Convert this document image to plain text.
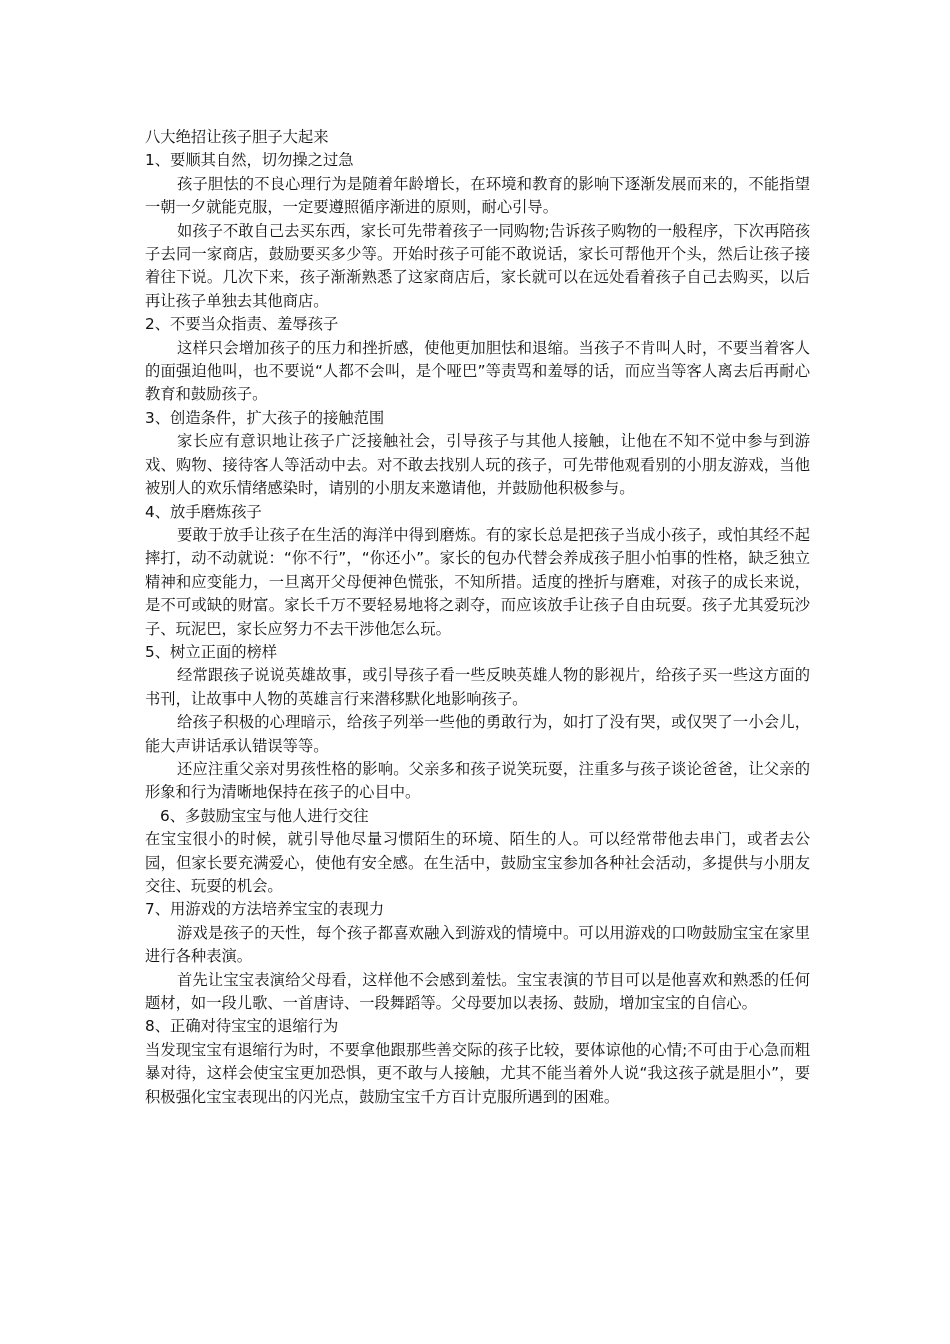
八大绝招让孩子胆子大起来

1、要顺其自然，切勿操之过急

孩子胆怯的不良心理行为是随着年龄增长，在环境和教育的影响下逐渐发展而来的，不能指望一朝一夕就能克服，一定要遵照循序渐进的原则，耐心引导。

如孩子不敢自己去买东西，家长可先带着孩子一同购物;告诉孩子购物的一般程序，下次再陪孩子去同一家商店，鼓励要买多少等。开始时孩子可能不敢说话，家长可帮他开个头，然后让孩子接着往下说。几次下来，孩子渐渐熟悉了这家商店后，家长就可以在远处看着孩子自己去购买，以后再让孩子单独去其他商店。

2、不要当众指责、羞辱孩子

这样只会增加孩子的压力和挫折感，使他更加胆怯和退缩。当孩子不肯叫人时，不要当着客人的面强迫他叫，也不要说“人都不会叫，是个哑巴”等责骂和羞辱的话，而应当等客人离去后再耐心教育和鼓励孩子。

3、创造条件，扩大孩子的接触范围

家长应有意识地让孩子广泛接触社会，引导孩子与其他人接触，让他在不知不觉中参与到游戏、购物、接待客人等活动中去。对不敢去找别人玩的孩子，可先带他观看别的小朋友游戏，当他被别人的欢乐情绪感染时，请别的小朋友来邀请他，并鼓励他积极参与。

4、放手磨炼孩子

要敢于放手让孩子在生活的海洋中得到磨炼。有的家长总是把孩子当成小孩子，或怕其经不起摔打，动不动就说：“你不行”，“你还小”。家长的包办代替会养成孩子胆小怕事的性格，缺乏独立精神和应变能力，一旦离开父母便神色慌张，不知所措。适度的挫折与磨难，对孩子的成长来说，是不可或缺的财富。家长千万不要轻易地将之剥夺，而应该放手让孩子自由玩耍。孩子尤其爱玩沙子、玩泥巴，家长应努力不去干涉他怎么玩。

5、树立正面的榜样

经常跟孩子说说英雄故事，或引导孩子看一些反映英雄人物的影视片，给孩子买一些这方面的书刊，让故事中人物的英雄言行来潜移默化地影响孩子。

给孩子积极的心理暗示，给孩子列举一些他的勇敢行为，如打了没有哭，或仅哭了一小会儿，能大声讲话承认错误等等。

还应注重父亲对男孩性格的影响。父亲多和孩子说笑玩耍，注重多与孩子谈论爸爸，让父亲的形象和行为清晰地保持在孩子的心目中。

6、多鼓励宝宝与他人进行交往

在宝宝很小的时候，就引导他尽量习惯陌生的环境、陌生的人。可以经常带他去串门，或者去公园，但家长要充满爱心，使他有安全感。在生活中，鼓励宝宝参加各种社会活动，多提供与小朋友交往、玩耍的机会。

7、用游戏的方法培养宝宝的表现力

游戏是孩子的天性，每个孩子都喜欢融入到游戏的情境中。可以用游戏的口吻鼓励宝宝在家里进行各种表演。

首先让宝宝表演给父母看，这样他不会感到羞怯。宝宝表演的节目可以是他喜欢和熟悉的任何题材，如一段儿歌、一首唐诗、一段舞蹈等。父母要加以表扬、鼓励，增加宝宝的自信心。

8、正确对待宝宝的退缩行为

当发现宝宝有退缩行为时，不要拿他跟那些善交际的孩子比较，要体谅他的心情;不可由于心急而粗暴对待，这样会使宝宝更加恐惧，更不敢与人接触，尤其不能当着外人说“我这孩子就是胆小”，要积极强化宝宝表现出的闪光点，鼓励宝宝千方百计克服所遇到的困难。
